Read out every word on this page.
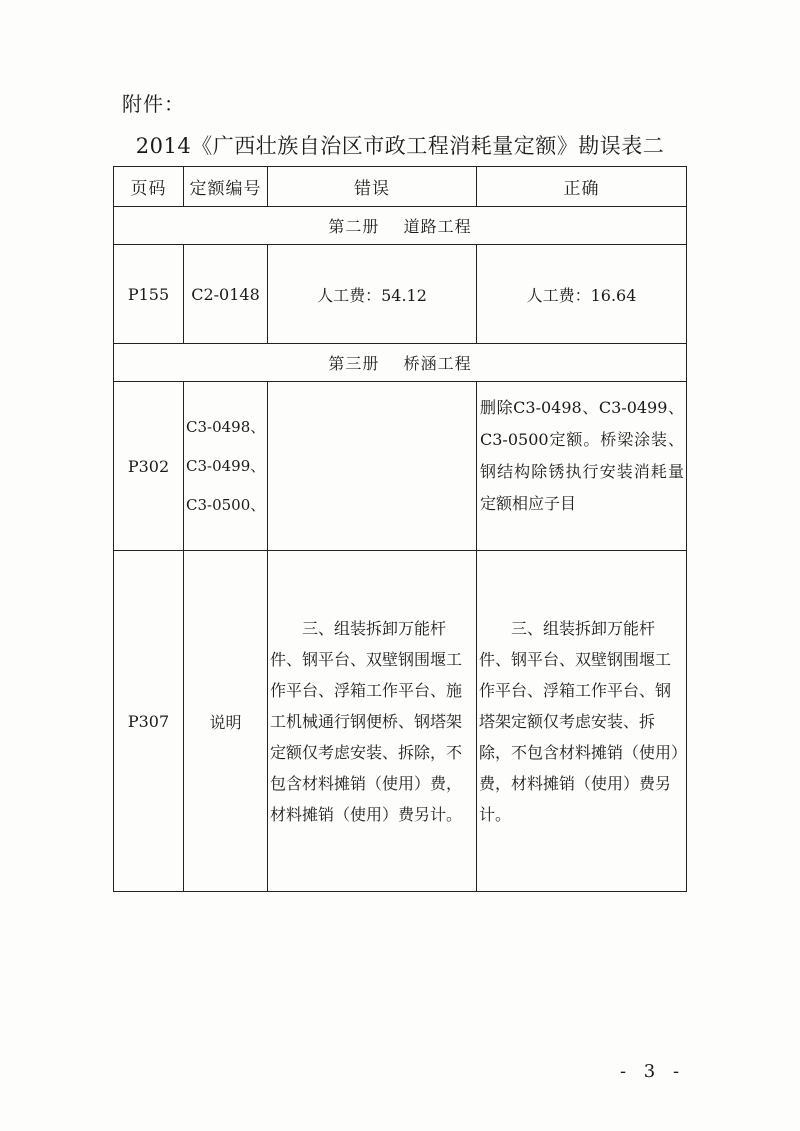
附件：
2014《广西壮族自治区市政工程消耗量定额》勘误表二
页码	定额编号	错误	正确
第二册    道路工程			
P155	C2-0148	人工费：54.12	人工费：16.64
第三册    桥涵工程			
P302	C3-0498、
C3-0499、
C3-0500、		删除C3-0498、C3-0499、C3-0500定额。桥梁涂装、钢结构除锈执行安装消耗量定额相应子目
P307	说明	三、组装拆卸万能杆件、钢平台、双壁钢围堰工作平台、浮箱工作平台、施工机械通行钢便桥、钢塔架定额仅考虑安装、拆除，不包含材料摊销（使用）费，材料摊销（使用）费另计。	三、组装拆卸万能杆件、钢平台、双壁钢围堰工作平台、浮箱工作平台、钢塔架定额仅考虑安装、拆除，不包含材料摊销（使用）费，材料摊销（使用）费另计。
- 3 -
